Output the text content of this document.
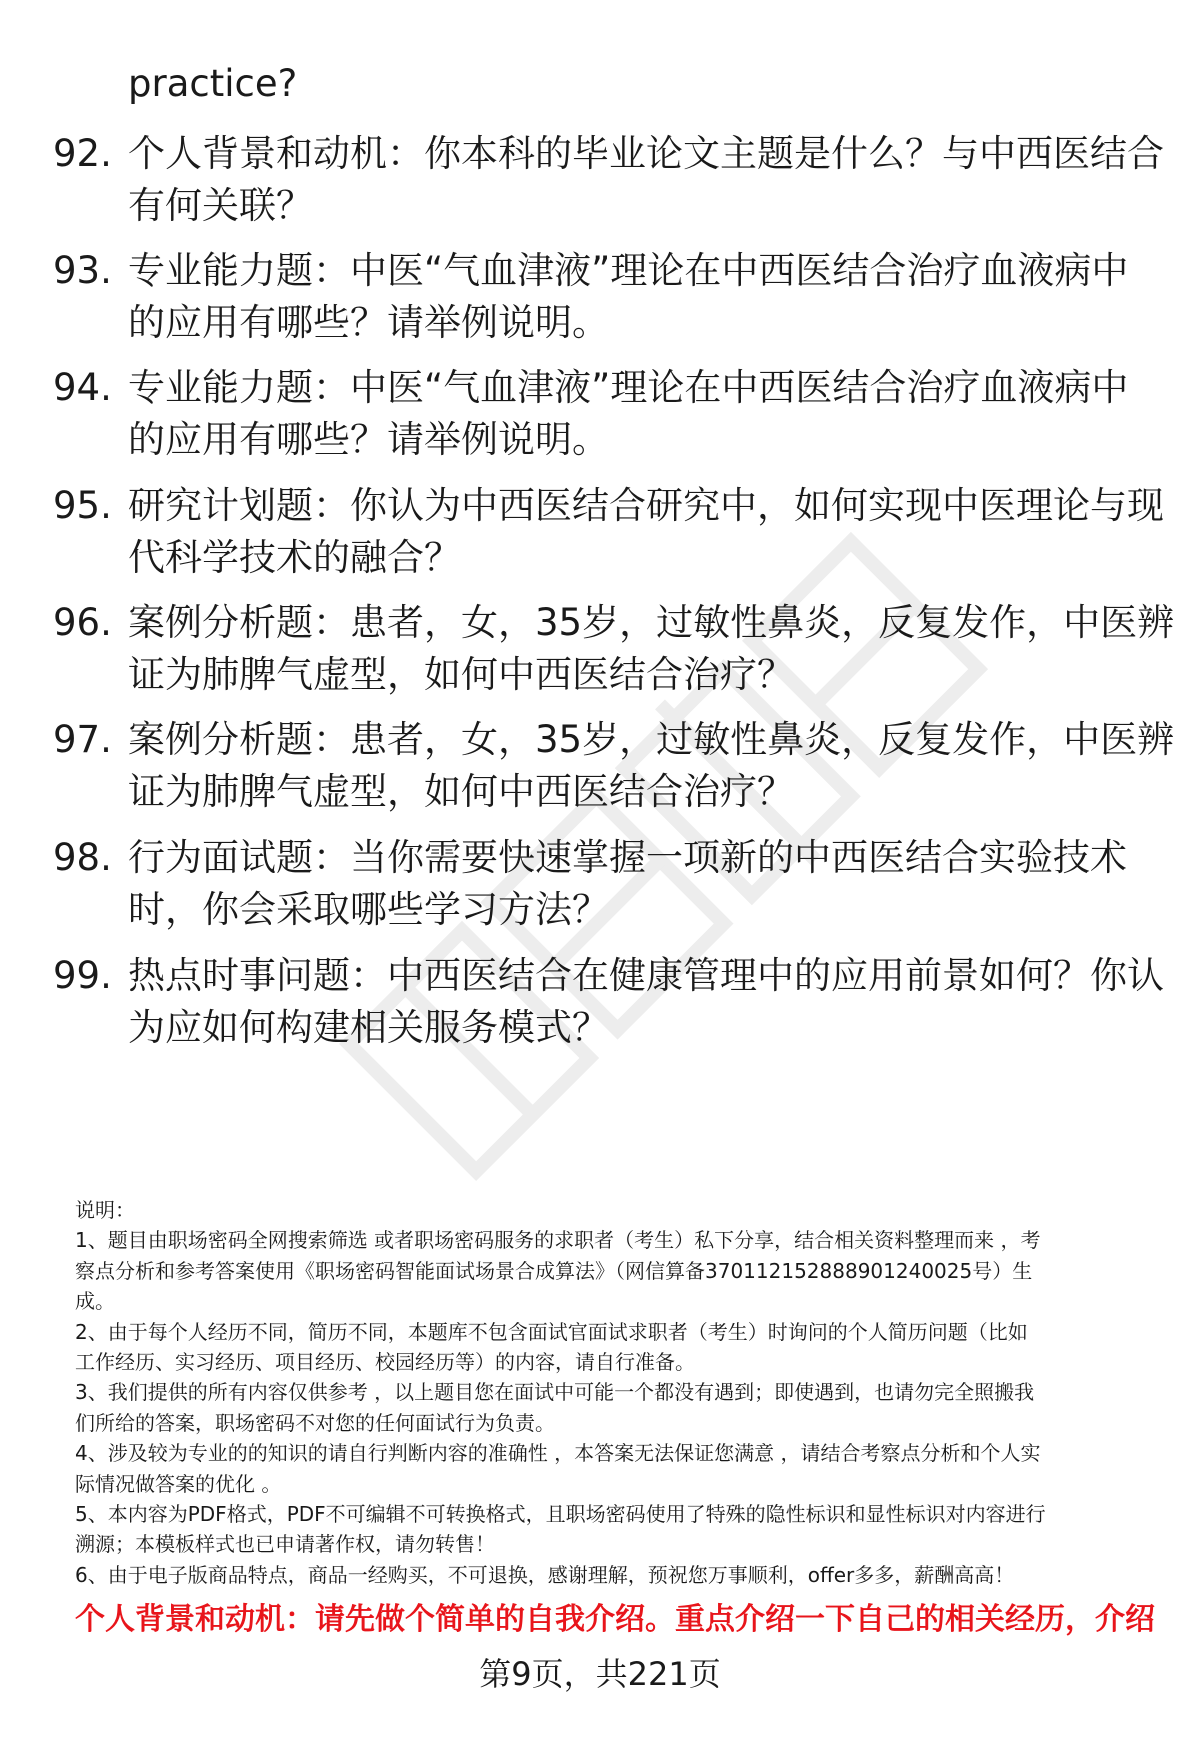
practice?
92. 个人背景和动机：你本科的毕业论文主题是什么？与中西医结合
有何关联？
93. 专业能力题：中医“气血津液”理论在中西医结合治疗血液病中
的应用有哪些？请举例说明。
94. 专业能力题：中医“气血津液”理论在中西医结合治疗血液病中
的应用有哪些？请举例说明。
95. 研究计划题：你认为中西医结合研究中，如何实现中医理论与现
代科学技术的融合？
96. 案例分析题：患者，女，35岁，过敏性鼻炎，反复发作，中医辨
证为肺脾气虚型，如何中西医结合治疗？
97. 案例分析题：患者，女，35岁，过敏性鼻炎，反复发作，中医辨
证为肺脾气虚型，如何中西医结合治疗？
98. 行为面试题：当你需要快速掌握一项新的中西医结合实验技术
时，你会采取哪些学习方法？
99. 热点时事问题：中西医结合在健康管理中的应用前景如何？你认
为应如何构建相关服务模式？
说明：
1、题目由职场密码全网搜索筛选 或者职场密码服务的求职者（考生）私下分享，结合相关资料整理而来 ，考
察点分析和参考答案使用《职场密码智能面试场景合成算法》（网信算备370112152888901240025号）生
成。
2、由于每个人经历不同，简历不同，本题库不包含面试官面试求职者（考生）时询问的个人简历问题（比如
工作经历、实习经历、项目经历、校园经历等）的内容，请自行准备。
3、我们提供的所有内容仅供参考 ，以上题目您在面试中可能一个都没有遇到；即使遇到，也请勿完全照搬我
们所给的答案，职场密码不对您的任何面试行为负责。
4、涉及较为专业的的知识的请自行判断内容的准确性 ，本答案无法保证您满意 ，请结合考察点分析和个人实
际情况做答案的优化 。
5、本内容为PDF格式，PDF不可编辑不可转换格式，且职场密码使用了特殊的隐性标识和显性标识对内容进行
溯源；本模板样式也已申请著作权，请勿转售！
6、由于电子版商品特点，商品一经购买，不可退换，感谢理解，预祝您万事顺利，offer多多，薪酬高高！
个人背景和动机：请先做个简单的自我介绍。重点介绍一下自己的相关经历，介绍
第9页，共221页
